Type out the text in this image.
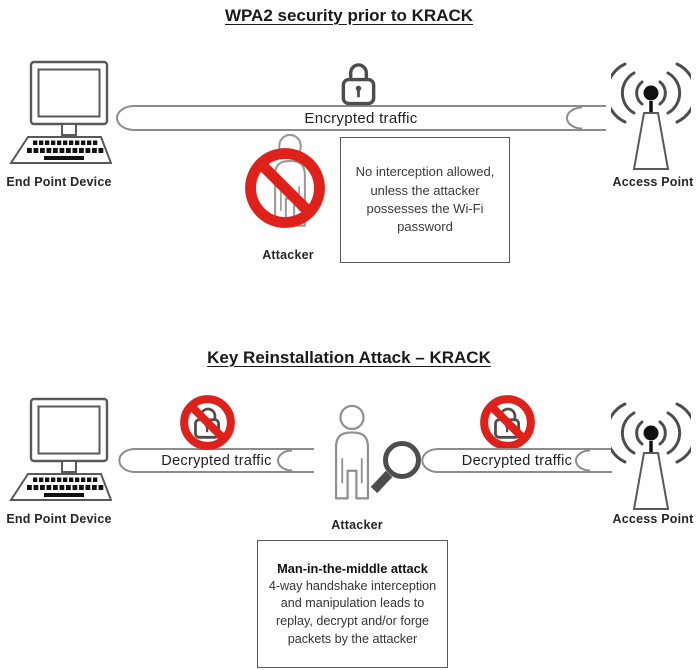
WPA2 security prior to KRACK
End Point Device
Encrypted traffic
Attacker
No interception allowed, unless the attacker possesses the Wi-Fi password
Access Point
Key Reinstallation Attack – KRACK
End Point Device
Decrypted traffic
Attacker
Decrypted traffic
Access Point
Man-in-the-middle attack
4-way handshake interception and manipulation leads to replay, decrypt and/or forge packets by the attacker
